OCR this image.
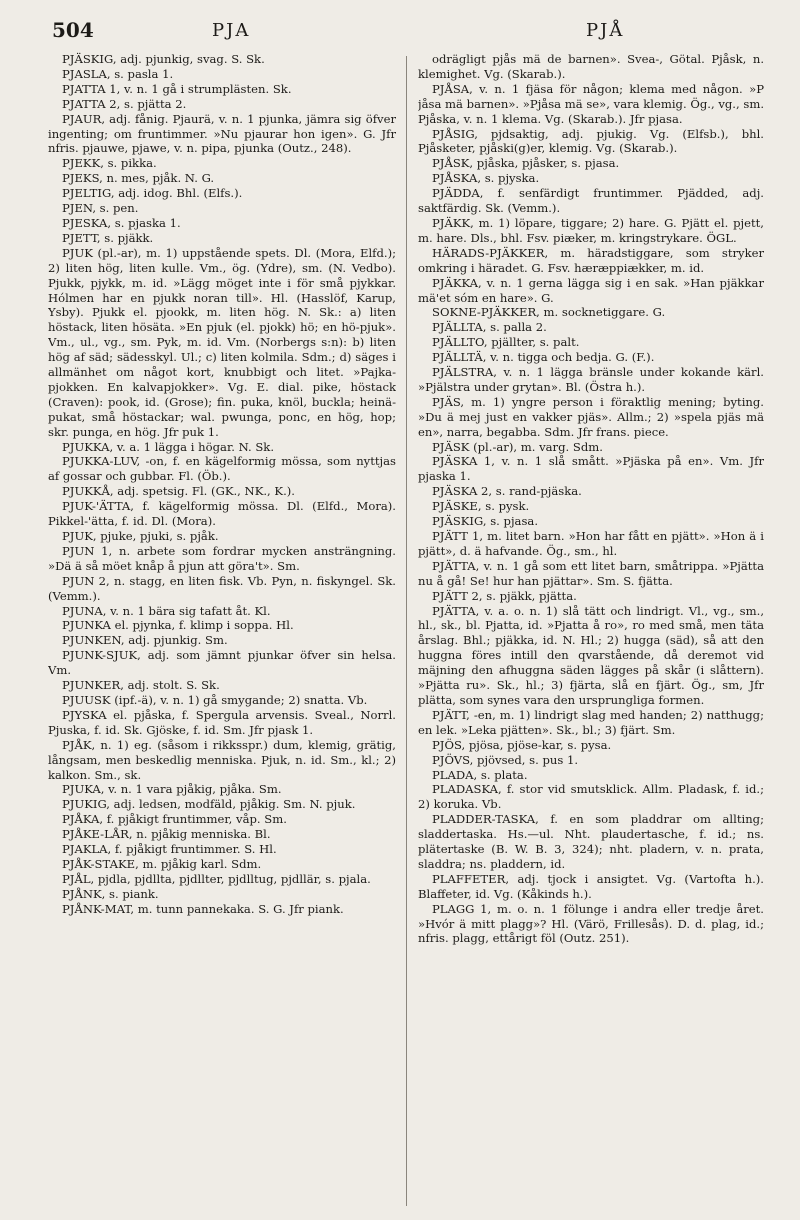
504	PJA	PJÅ

PJÄSKIG, adj. pjunkig, svag. S. Sk.

PJASLA, s. pasla 1.

PJATTA 1, v. n. 1 gå i strumplästen. Sk.

PJATTA 2, s. pjätta 2.

PJAUR, adj. fånig. Pjaurä, v. n. 1 pjunka, jämra sig öfver ingenting; om fruntimmer. »Nu pjaurar hon igen». G. Jfr nfris. pjauwe, pjawe, v. n. pipa, pjunka (Outz., 248).

PJEKK, s. pikka.

PJEKS, n. mes, pjåk. N. G.

PJELTIG, adj. idog. Bhl. (Elfs.).

PJEN, s. pen.

PJESKA, s. pjaska 1.

PJETT, s. pjäkk.

PJUK (pl.-ar), m. 1) uppstående spets. Dl. (Mora, Elfd.); 2) liten hög, liten kulle. Vm., ög. (Ydre), sm. (N. Vedbo). Pjukk, pjykk, m. id. »Lägg möget inte i för små pjykkar. Hólmen har en pjukk noran till». Hl. (Hasslöf, Karup, Ysby). Pjukk el. pjookk, m. liten hög. N. Sk.: a) liten höstack, liten hösäta. »En pjuk (el. pjokk) hö; en hö-pjuk». Vm., ul., vg., sm. Pyk, m. id. Vm. (Norbergs s:n): b) liten hög af säd; sädesskyl. Ul.; c) liten kolmila. Sdm.; d) säges i allmänhet om något kort, knubbigt och litet. »Pajka-pjokken. En kalvapjokker». Vg. E. dial. pike, höstack (Craven): pook, id. (Grose); fin. puka, knöl, buckla; heinä-pukat, små höstackar; wal. pwunga, ponc, en hög, hop; skr. punga, en hög. Jfr puk 1.

PJUKKA, v. a. 1 lägga i högar. N. Sk.

PJUKKA-LUV, -on, f. en kägelformig mössa, som nyttjas af gossar och gubbar. Fl. (Öb.).

PJUKKÅ, adj. spetsig. Fl. (GK., NK., K.).

PJUK-'ÄTTA, f. kägelformig mössa. Dl. (Elfd., Mora). Pikkel-'ätta, f. id. Dl. (Mora).

PJUK, pjuke, pjuki, s. pjåk.

PJUN 1, n. arbete som fordrar mycken ansträngning. »Dä ä så möet knåp å pjun att göra't». Sm.

PJUN 2, n. stagg, en liten fisk. Vb. Pyn, n. fiskyngel. Sk. (Vemm.).

PJUNA, v. n. 1 bära sig tafatt åt. Kl.

PJUNKA el. pjynka, f. klimp i soppa. Hl.

PJUNKEN, adj. pjunkig. Sm.

PJUNK-SJUK, adj. som jämnt pjunkar öfver sin helsa. Vm.

PJUNKER, adj. stolt. S. Sk.

PJUUSK (ipf.-ä), v. n. 1) gå smygande; 2) snatta. Vb.

PJYSKA el. pjåska, f. Spergula arvensis. Sveal., Norrl. Pjuska, f. id. Sk. Gjöske, f. id. Sm. Jfr pjask 1.

PJÅK, n. 1) eg. (såsom i rikksspr.) dum, klemig, grätig, långsam, men beskedlig menniska. Pjuk, n. id. Sm., kl.; 2) kalkon. Sm., sk.

PJUKA, v. n. 1 vara pjåkig, pjåka. Sm.

PJUKIG, adj. ledsen, modfäld, pjåkig. Sm. N. pjuk.

PJÅKA, f. pjåkigt fruntimmer, våp. Sm.

PJÅKE-LÅR, n. pjåkig menniska. Bl.

PJAKLA, f. pjåkigt fruntimmer. S. Hl.

PJÅK-STAKE, m. pjåkig karl. Sdm.

PJÅL, pjdla, pjdllta, pjdllter, pjdlltug, pjdllär, s. pjala.

PJÅNK, s. piank.

PJÅNK-MAT, m. tunn pannekaka. S. G. Jfr piank.

odrägligt pjås mä de barnen». Svea-, Götal. Pjåsk, n. klemighet. Vg. (Skarab.).

PJÅSA, v. n. 1 fjäsa för någon; klema med någon. »P jåsa mä barnen». »Pjåsa mä se», vara klemig. Ög., vg., sm. Pjåska, v. n. 1 klema. Vg. (Skarab.). Jfr pjasa.

PJÅSIG, pjdsaktig, adj. pjukig. Vg. (Elfsb.), bhl. Pjåsketer, pjåski(g)er, klemig. Vg. (Skarab.).

PJÅSK, pjåska, pjåsker, s. pjasa.

PJÅSKA, s. pjyska.

PJÄDDA, f. senfärdigt fruntimmer. Pjädded, adj. saktfärdig. Sk. (Vemm.).

PJÄKK, m. 1) löpare, tiggare; 2) hare. G. Pjätt el. pjett, m. hare. Dls., bhl. Fsv. piæker, m. kringstrykare. ÖGL.

HÄRADS-PJÄKKER, m. häradstiggare, som stryker omkring i häradet. G. Fsv. hæræppiækker, m. id.

PJÄKKA, v. n. 1 gerna lägga sig i en sak. »Han pjäkkar mä'et sóm en hare». G.

SOKNE-PJÄKKER, m. socknetiggare. G.

PJÄLLTA, s. palla 2.

PJÄLLTO, pjällter, s. palt.

PJÄLLTÄ, v. n. tigga och bedja. G. (F.).

PJÄLSTRA, v. n. 1 lägga bränsle under kokande kärl. »Pjälstra under grytan». Bl. (Östra h.).

PJÄS, m. 1) yngre person i föraktlig mening; byting. »Du ä mej just en vakker pjäs». Allm.; 2) »spela pjäs mä en», narra, begabba. Sdm. Jfr frans. piece.

PJÄSK (pl.-ar), m. varg. Sdm.

PJÄSKA 1, v. n. 1 slå smått. »Pjäska på en». Vm. Jfr pjaska 1.

PJÄSKA 2, s. rand-pjäska.

PJÄSKE, s. pysk.

PJÄSKIG, s. pjasa.

PJÄTT 1, m. litet barn. »Hon har fått en pjätt». »Hon ä i pjätt», d. ä hafvande. Ög., sm., hl.

PJÄTTA, v. n. 1 gå som ett litet barn, småtrippa. »Pjätta nu å gå! Se! hur han pjättar». Sm. S. fjätta.

PJÄTT 2, s. pjäkk, pjätta.

PJÄTTA, v. a. o. n. 1) slå tätt och lindrigt. Vl., vg., sm., hl., sk., bl. Pjatta, id. »Pjatta å ro», ro med små, men täta årslag. Bhl.; pjäkka, id. N. Hl.; 2) hugga (säd), så att den huggna föres intill den qvarstående, då deremot vid mäjning den afhuggna säden lägges på skår (i slåttern). »Pjätta ru». Sk., hl.; 3) fjärta, slå en fjärt. Ög., sm, Jfr plätta, som synes vara den ursprungliga formen.

PJÄTT, -en, m. 1) lindrigt slag med handen; 2) natthugg; en lek. »Leka pjätten». Sk., bl.; 3) fjärt. Sm.

PJÖS, pjösa, pjöse-kar, s. pysa.

PJÖVS, pjövsed, s. pus 1.

PLADA, s. plata.

PLADASKA, f. stor vid smutsklick. Allm. Pladask, f. id.; 2) koruka. Vb.

PLADDER-TASKA, f. en som pladdrar om allting; sladdertaska. Hs.—ul. Nht. plaudertasche, f. id.; ns. plätertaske (B. W. B. 3, 324); nht. pladern, v. n. prata, sladdra; ns. pladdern, id.

PLAFFETER, adj. tjock i ansigtet. Vg. (Vartofta h.). Blaffeter, id. Vg. (Kåkinds h.).

PLAGG 1, m. o. n. 1 fölunge i andra eller tredje året. »Hvór ä mitt plagg»? Hl. (Värö, Frillesås). D. d. plag, id.; nfris. plagg, ettårigt föl (Outz. 251).
